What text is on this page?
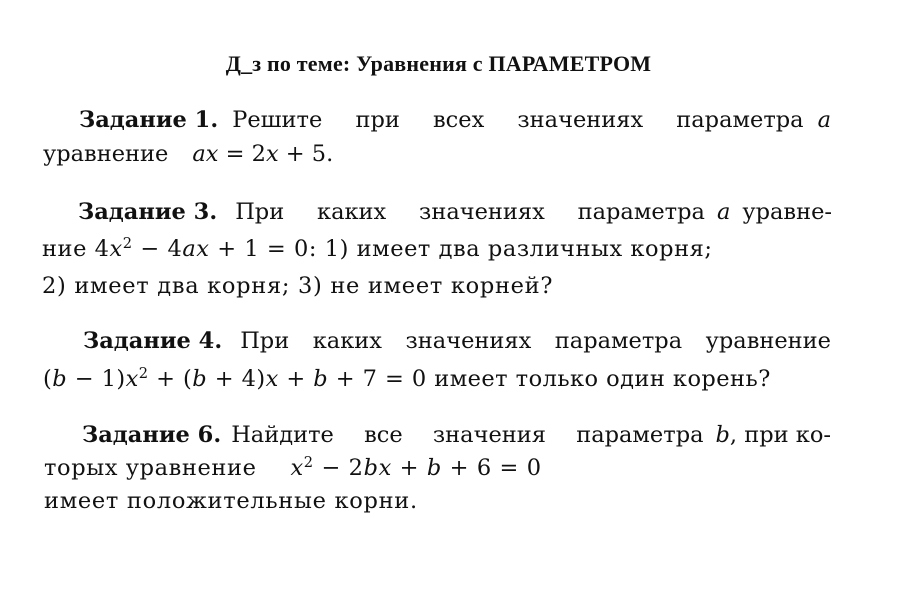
Д_з по теме: Уравнения с ПАРАМЕТРОМ
Задание 1. Решите при всех значениях параметра a
уравнение ax = 2x + 5.
Задание 3. При каких значениях параметра a уравне-
ние $4x^2 - 4ax + 1 = 0$: 1) имеет два различных корня;
2) имеет два корня; 3) не имеет корней?
Задание 4. При каких значениях параметра уравнение
$(b - 1)x^2 + (b + 4)x + b + 7 = 0$ имеет только один корень?
Задание 6. Найдите все значения параметра b , при ко-
торых уравнение $x^2 - 2bx + b + 6 = 0$
имеет положительные корни.
